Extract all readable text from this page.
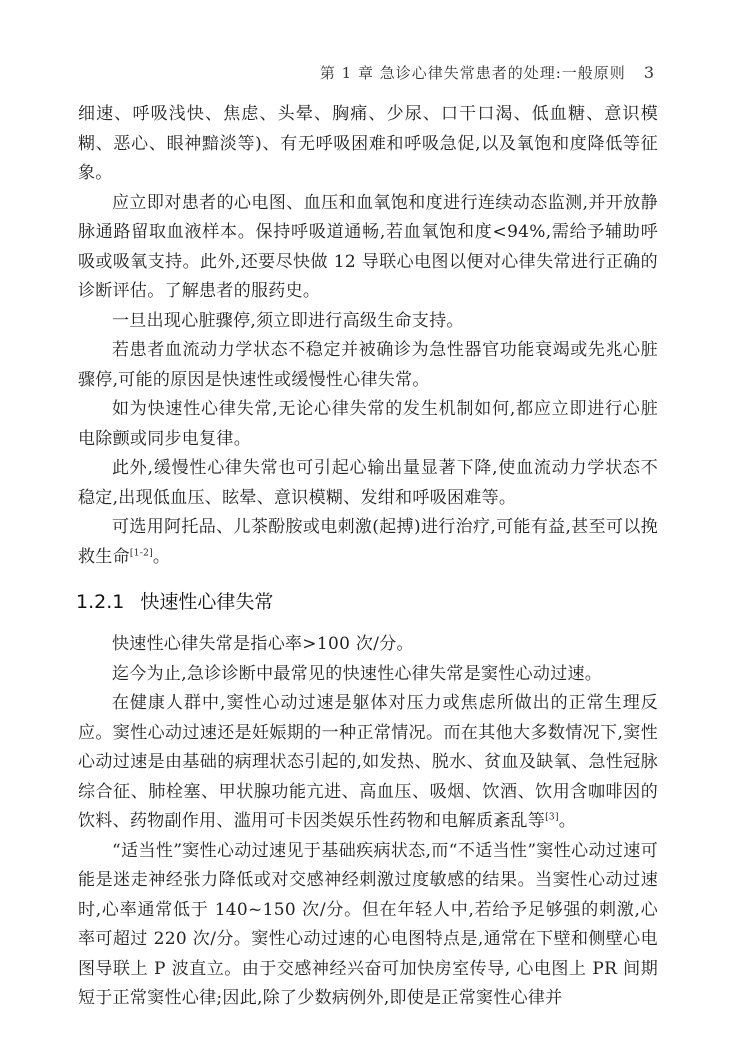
第 1 章 急诊心律失常患者的处理:一般原则 3

细速、呼吸浅快、焦虑、头晕、胸痛、少尿、口干口渴、低血糖、意识模糊、恶心、眼神黯淡等)、有无呼吸困难和呼吸急促,以及氧饱和度降低等征象。

应立即对患者的心电图、血压和血氧饱和度进行连续动态监测,并开放静脉通路留取血液样本。保持呼吸道通畅,若血氧饱和度<94%,需给予辅助呼吸或吸氧支持。此外,还要尽快做 12 导联心电图以便对心律失常进行正确的诊断评估。了解患者的服药史。

一旦出现心脏骤停,须立即进行高级生命支持。

若患者血流动力学状态不稳定并被确诊为急性器官功能衰竭或先兆心脏骤停,可能的原因是快速性或缓慢性心律失常。

如为快速性心律失常,无论心律失常的发生机制如何,都应立即进行心脏电除颤或同步电复律。

此外,缓慢性心律失常也可引起心输出量显著下降,使血流动力学状态不稳定,出现低血压、眩晕、意识模糊、发绀和呼吸困难等。

可选用阿托品、儿茶酚胺或电刺激(起搏)进行治疗,可能有益,甚至可以挽救生命[1-2]。

1.2.1 快速性心律失常

快速性心律失常是指心率>100 次/分。

迄今为止,急诊诊断中最常见的快速性心律失常是窦性心动过速。

在健康人群中,窦性心动过速是躯体对压力或焦虑所做出的正常生理反应。窦性心动过速还是妊娠期的一种正常情况。而在其他大多数情况下,窦性心动过速是由基础的病理状态引起的,如发热、脱水、贫血及缺氧、急性冠脉综合征、肺栓塞、甲状腺功能亢进、高血压、吸烟、饮酒、饮用含咖啡因的饮料、药物副作用、滥用可卡因类娱乐性药物和电解质紊乱等[3]。

“适当性”窦性心动过速见于基础疾病状态,而“不适当性”窦性心动过速可能是迷走神经张力降低或对交感神经刺激过度敏感的结果。当窦性心动过速时,心率通常低于 140~150 次/分。但在年轻人中,若给予足够强的刺激,心率可超过 220 次/分。窦性心动过速的心电图特点是,通常在下壁和侧壁心电图导联上 P 波直立。由于交感神经兴奋可加快房室传导, 心电图上 PR 间期短于正常窦性心律;因此,除了少数病例外,即使是正常窦性心律并
